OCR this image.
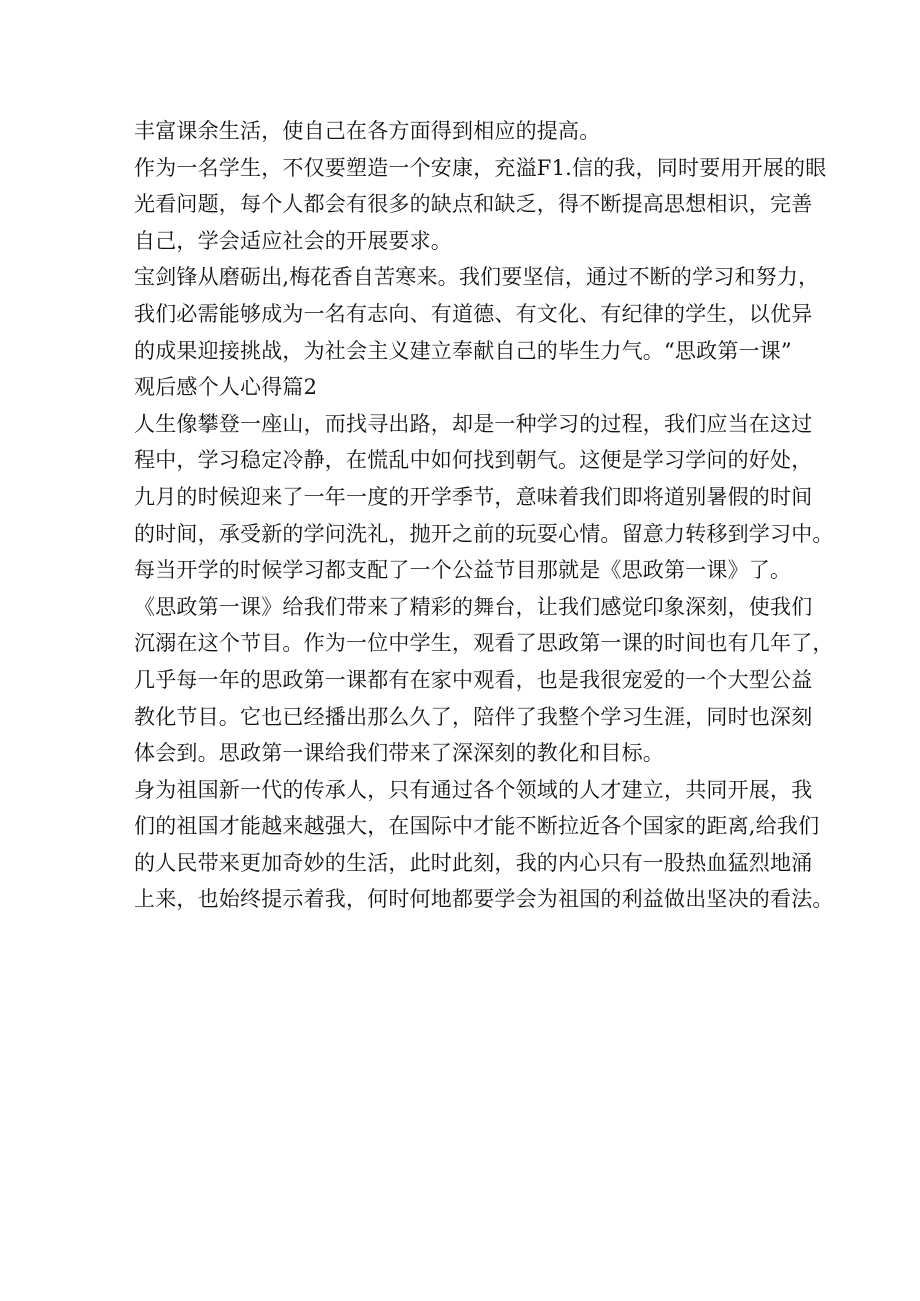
丰富课余生活，使自己在各方面得到相应的提高。
作为一名学生，不仅要塑造一个安康，充溢F1.信的我，同时要用开展的眼
光看问题，每个人都会有很多的缺点和缺乏，得不断提高思想相识，完善
自己，学会适应社会的开展要求。
宝剑锋从磨砺出,梅花香自苦寒来。我们要坚信，通过不断的学习和努力，
我们必需能够成为一名有志向、有道德、有文化、有纪律的学生，以优异
的成果迎接挑战，为社会主义建立奉献自己的毕生力气。“思政第一课”
观后感个人心得篇2
人生像攀登一座山，而找寻出路，却是一种学习的过程，我们应当在这过
程中，学习稳定冷静，在慌乱中如何找到朝气。这便是学习学问的好处，
九月的时候迎来了一年一度的开学季节，意味着我们即将道别暑假的时间
的时间，承受新的学问洗礼，抛开之前的玩耍心情。留意力转移到学习中。
每当开学的时候学习都支配了一个公益节目那就是《思政第一课》了。
《思政第一课》给我们带来了精彩的舞台，让我们感觉印象深刻，使我们
沉溺在这个节目。作为一位中学生，观看了思政第一课的时间也有几年了，
几乎每一年的思政第一课都有在家中观看，也是我很宠爱的一个大型公益
教化节目。它也已经播出那么久了，陪伴了我整个学习生涯，同时也深刻
体会到。思政第一课给我们带来了深深刻的教化和目标。
身为祖国新一代的传承人，只有通过各个领域的人才建立，共同开展，我
们的祖国才能越来越强大，在国际中才能不断拉近各个国家的距离,给我们
的人民带来更加奇妙的生活，此时此刻，我的内心只有一股热血猛烈地涌
上来，也始终提示着我，何时何地都要学会为祖国的利益做出坚决的看法。
